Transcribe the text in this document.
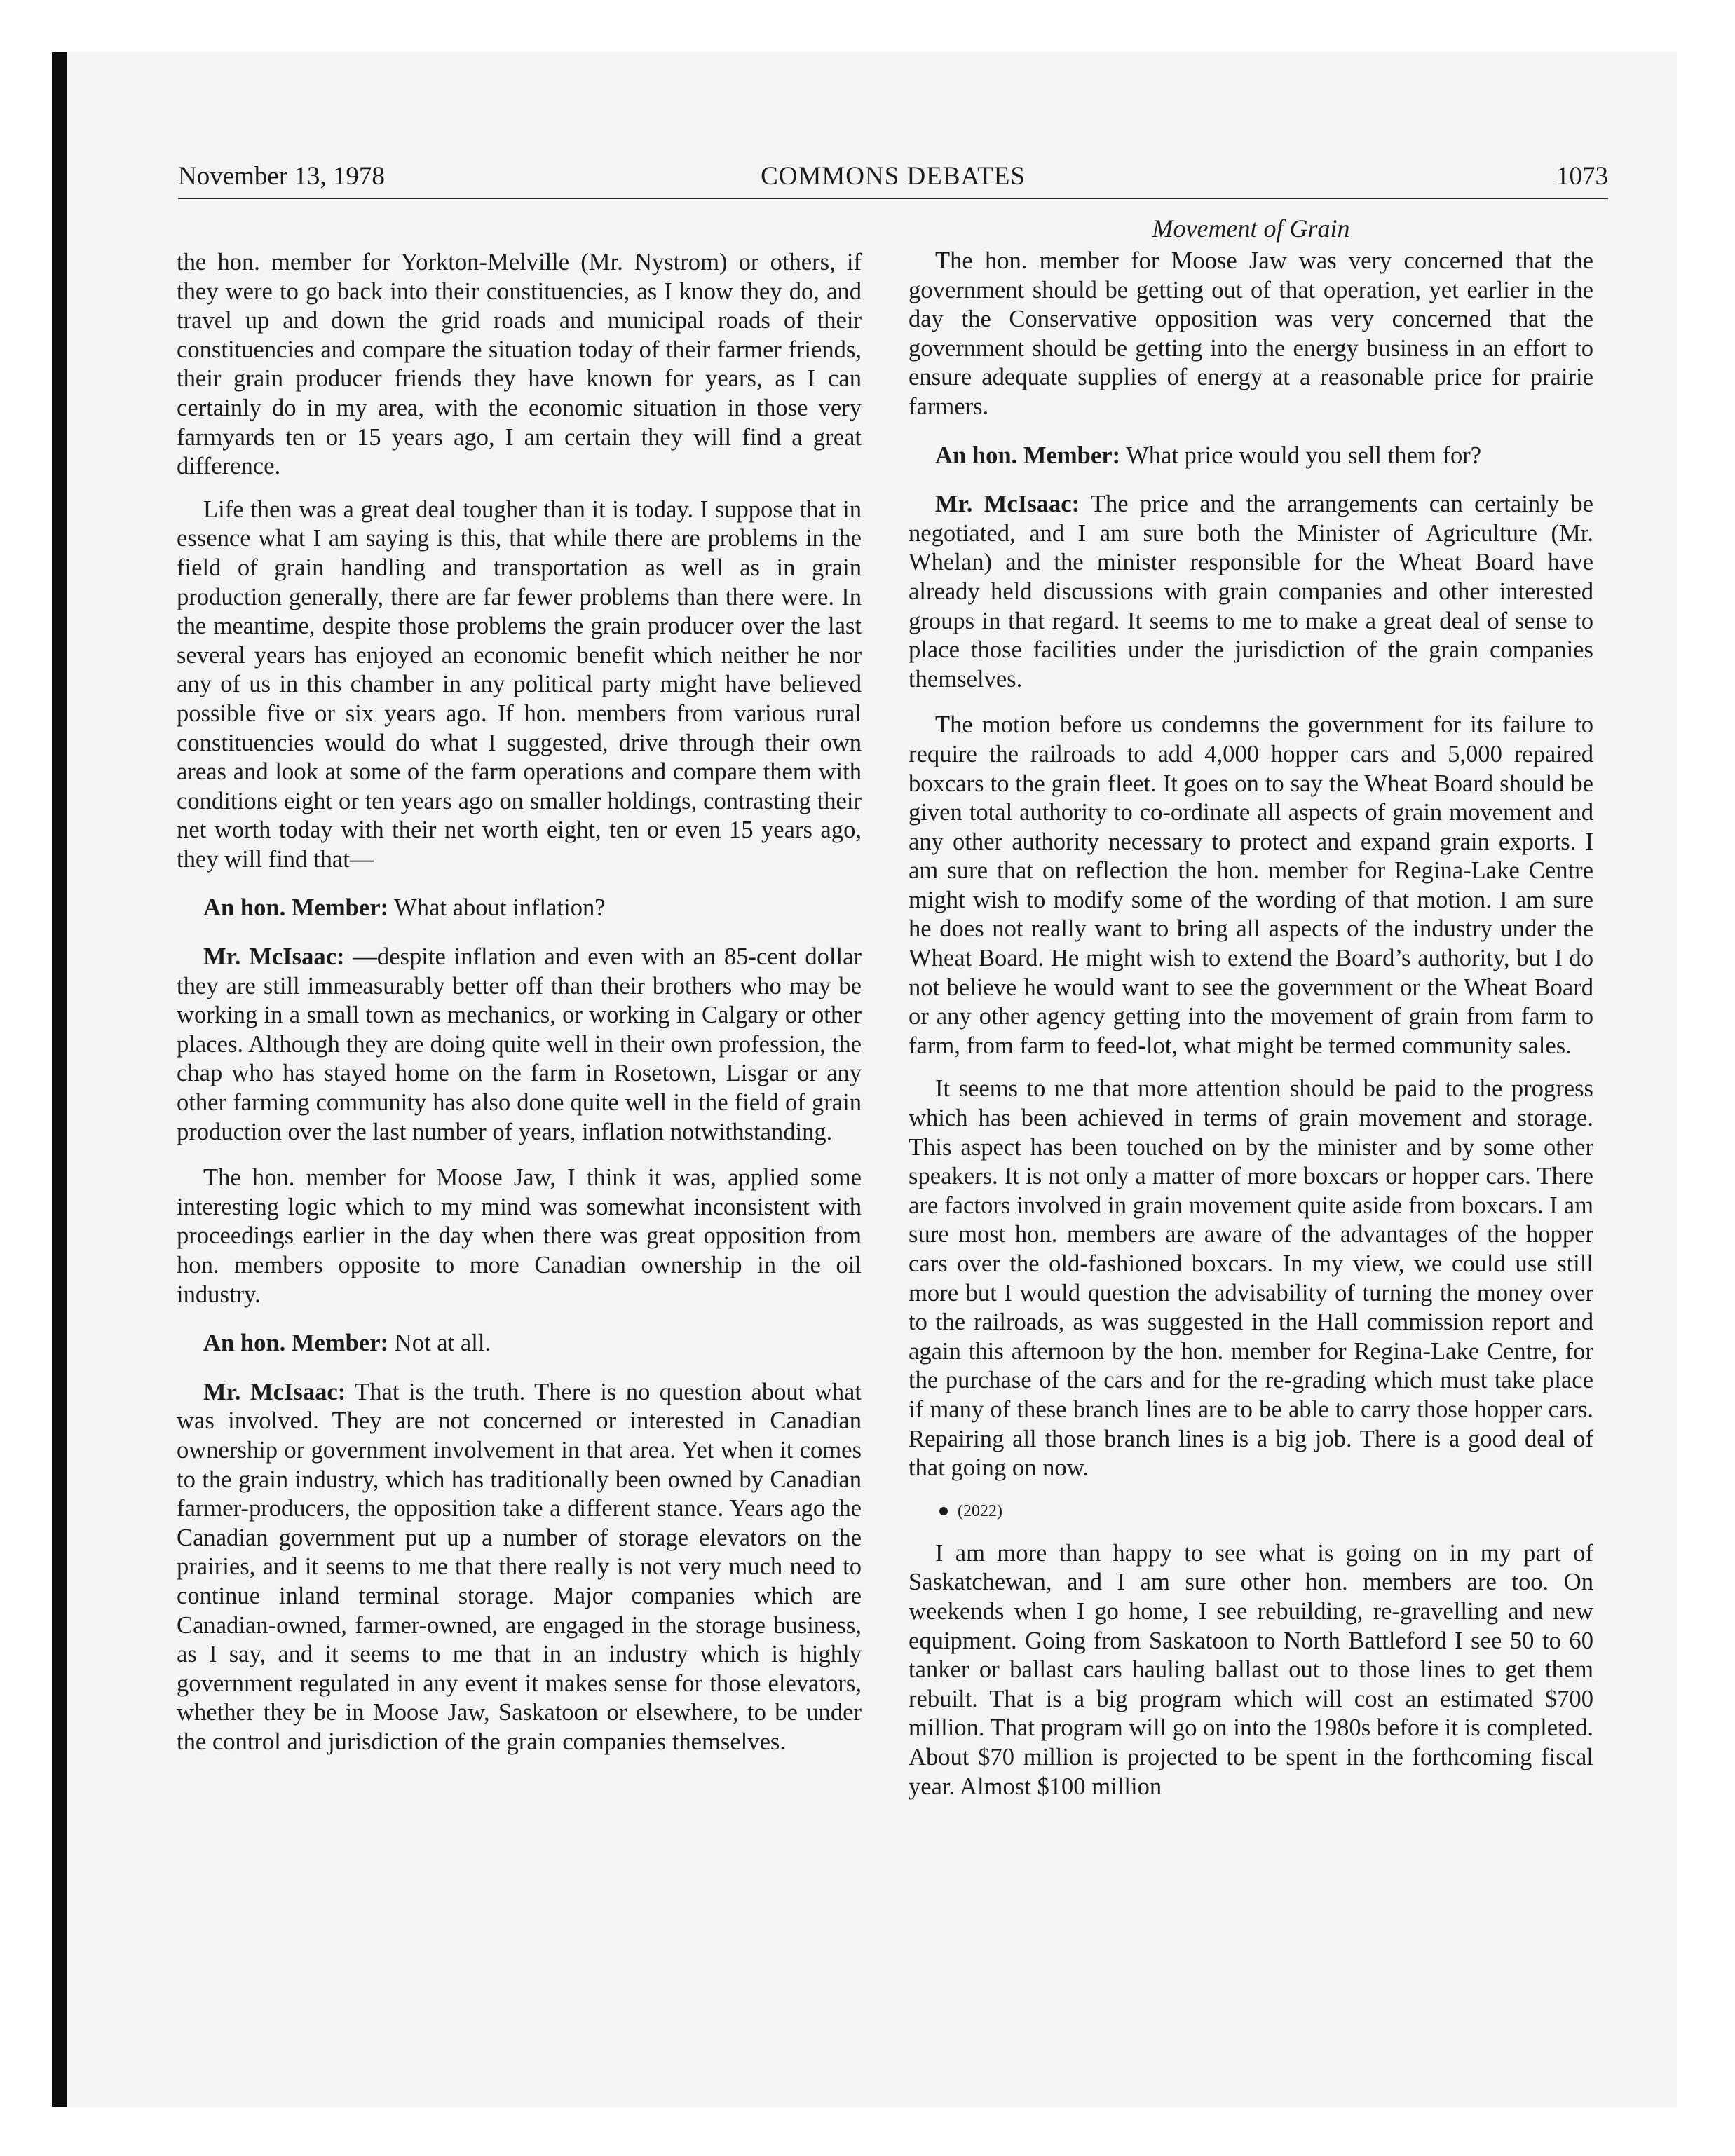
November 13, 1978	COMMONS DEBATES	1073

the hon. member for Yorkton-Melville (Mr. Nystrom) or others, if they were to go back into their constituencies, as I know they do, and travel up and down the grid roads and municipal roads of their constituencies and compare the situation today of their farmer friends, their grain producer friends they have known for years, as I can certainly do in my area, with the economic situation in those very farmyards ten or 15 years ago, I am certain they will find a great difference.

Life then was a great deal tougher than it is today. I suppose that in essence what I am saying is this, that while there are problems in the field of grain handling and transportation as well as in grain production generally, there are far fewer problems than there were. In the meantime, despite those problems the grain producer over the last several years has enjoyed an economic benefit which neither he nor any of us in this chamber in any political party might have believed possible five or six years ago. If hon. members from various rural constituencies would do what I suggested, drive through their own areas and look at some of the farm operations and compare them with conditions eight or ten years ago on smaller holdings, contrasting their net worth today with their net worth eight, ten or even 15 years ago, they will find that—

An hon. Member: What about inflation?

Mr. McIsaac: —despite inflation and even with an 85-cent dollar they are still immeasurably better off than their brothers who may be working in a small town as mechanics, or working in Calgary or other places. Although they are doing quite well in their own profession, the chap who has stayed home on the farm in Rosetown, Lisgar or any other farming community has also done quite well in the field of grain production over the last number of years, inflation notwithstanding.

The hon. member for Moose Jaw, I think it was, applied some interesting logic which to my mind was somewhat inconsistent with proceedings earlier in the day when there was great opposition from hon. members opposite to more Canadian ownership in the oil industry.

An hon. Member: Not at all.

Mr. McIsaac: That is the truth. There is no question about what was involved. They are not concerned or interested in Canadian ownership or government involvement in that area. Yet when it comes to the grain industry, which has traditionally been owned by Canadian farmer-producers, the opposition take a different stance. Years ago the Canadian government put up a number of storage elevators on the prairies, and it seems to me that there really is not very much need to continue inland terminal storage. Major companies which are Canadian-owned, farmer-owned, are engaged in the storage business, as I say, and it seems to me that in an industry which is highly government regulated in any event it makes sense for those elevators, whether they be in Moose Jaw, Saskatoon or elsewhere, to be under the control and jurisdiction of the grain companies themselves.

Movement of Grain

The hon. member for Moose Jaw was very concerned that the government should be getting out of that operation, yet earlier in the day the Conservative opposition was very concerned that the government should be getting into the energy business in an effort to ensure adequate supplies of energy at a reasonable price for prairie farmers.

An hon. Member: What price would you sell them for?

Mr. McIsaac: The price and the arrangements can certainly be negotiated, and I am sure both the Minister of Agriculture (Mr. Whelan) and the minister responsible for the Wheat Board have already held discussions with grain companies and other interested groups in that regard. It seems to me to make a great deal of sense to place those facilities under the jurisdiction of the grain companies themselves.

The motion before us condemns the government for its failure to require the railroads to add 4,000 hopper cars and 5,000 repaired boxcars to the grain fleet. It goes on to say the Wheat Board should be given total authority to co-ordinate all aspects of grain movement and any other authority necessary to protect and expand grain exports. I am sure that on reflection the hon. member for Regina-Lake Centre might wish to modify some of the wording of that motion. I am sure he does not really want to bring all aspects of the industry under the Wheat Board. He might wish to extend the Board’s authority, but I do not believe he would want to see the government or the Wheat Board or any other agency getting into the movement of grain from farm to farm, from farm to feed-lot, what might be termed community sales.

It seems to me that more attention should be paid to the progress which has been achieved in terms of grain movement and storage. This aspect has been touched on by the minister and by some other speakers. It is not only a matter of more boxcars or hopper cars. There are factors involved in grain movement quite aside from boxcars. I am sure most hon. members are aware of the advantages of the hopper cars over the old-fashioned boxcars. In my view, we could use still more but I would question the advisability of turning the money over to the railroads, as was suggested in the Hall commission report and again this afternoon by the hon. member for Regina-Lake Centre, for the purchase of the cars and for the re-grading which must take place if many of these branch lines are to be able to carry those hopper cars. Repairing all those branch lines is a big job. There is a good deal of that going on now.

(2022)

I am more than happy to see what is going on in my part of Saskatchewan, and I am sure other hon. members are too. On weekends when I go home, I see rebuilding, re-gravelling and new equipment. Going from Saskatoon to North Battleford I see 50 to 60 tanker or ballast cars hauling ballast out to those lines to get them rebuilt. That is a big program which will cost an estimated $700 million. That program will go on into the 1980s before it is completed. About $70 million is projected to be spent in the forthcoming fiscal year. Almost $100 million
